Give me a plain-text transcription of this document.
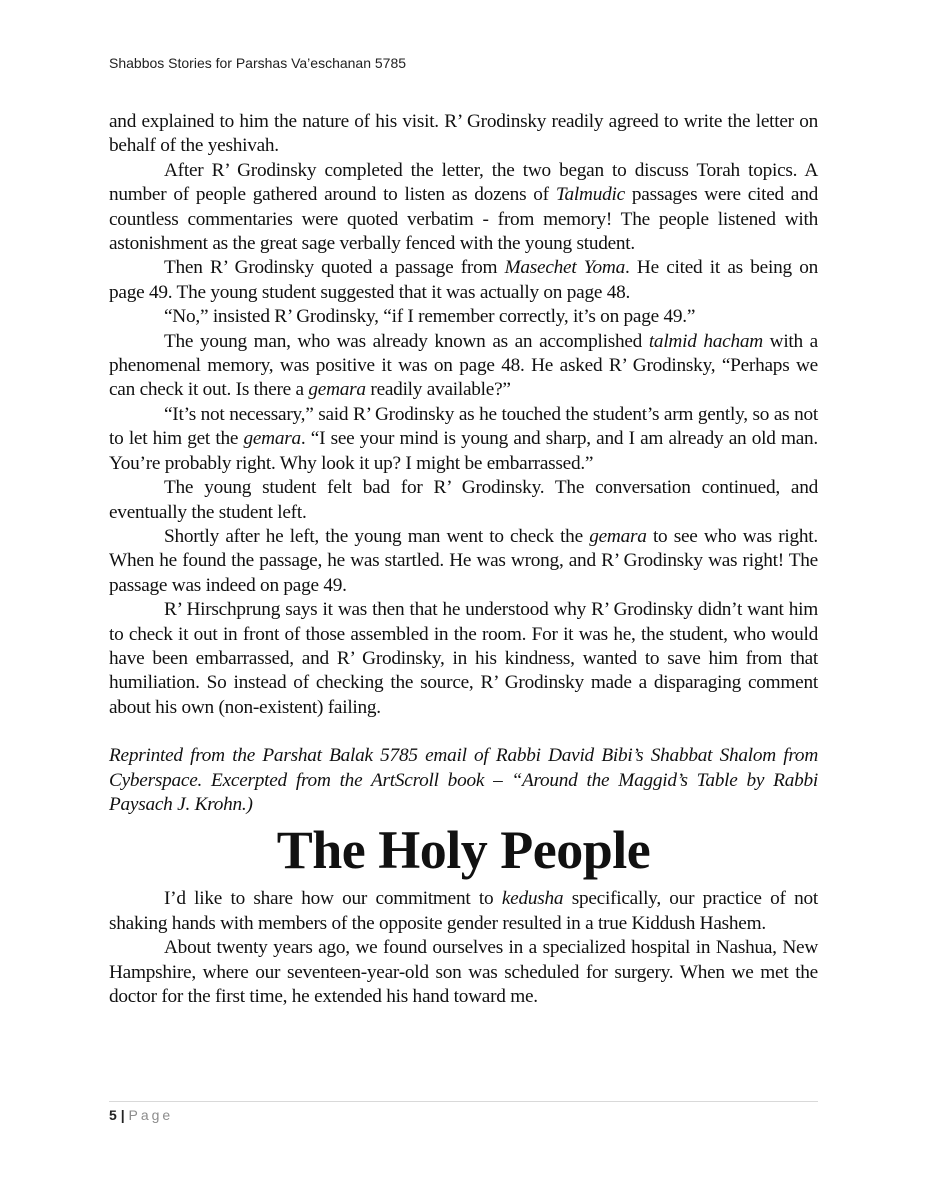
Shabbos Stories for Parshas Va’eschanan 5785

and explained to him the nature of his visit. R’ Grodinsky readily agreed to write the letter on behalf of the yeshivah.

After R’ Grodinsky completed the letter, the two began to discuss Torah topics. A number of people gathered around to listen as dozens of Talmudic passages were cited and countless commentaries were quoted verbatim - from memory! The people listened with astonishment as the great sage verbally fenced with the young student.

Then R’ Grodinsky quoted a passage from Masechet Yoma. He cited it as being on page 49. The young student suggested that it was actually on page 48.

“No,” insisted R’ Grodinsky, “if I remember correctly, it’s on page 49.”

The young man, who was already known as an accomplished talmid hacham with a phenomenal memory, was positive it was on page 48. He asked R’ Grodinsky, “Perhaps we can check it out. Is there a gemara readily available?”

“It’s not necessary,” said R’ Grodinsky as he touched the student’s arm gently, so as not to let him get the gemara. “I see your mind is young and sharp, and I am already an old man. You’re probably right. Why look it up? I might be embarrassed.”

The young student felt bad for R’ Grodinsky. The conversation continued, and eventually the student left.

Shortly after he left, the young man went to check the gemara to see who was right. When he found the passage, he was startled. He was wrong, and R’ Grodinsky was right! The passage was indeed on page 49.

R’ Hirschprung says it was then that he understood why R’ Grodinsky didn’t want him to check it out in front of those assembled in the room. For it was he, the student, who would have been embarrassed, and R’ Grodinsky, in his kindness, wanted to save him from that humiliation. So instead of checking the source, R’ Grodinsky made a disparaging comment about his own (non-existent) failing.

Reprinted from the Parshat Balak 5785 email of Rabbi David Bibi’s Shabbat Shalom from Cyberspace. Excerpted from the ArtScroll book – “Around the Maggid’s Table by Rabbi Paysach J. Krohn.)

The Holy People

I’d like to share how our commitment to kedusha specifically, our practice of not shaking hands with members of the opposite gender resulted in a true Kiddush Hashem.

About twenty years ago, we found ourselves in a specialized hospital in Nashua, New Hampshire, where our seventeen-year-old son was scheduled for surgery. When we met the doctor for the first time, he extended his hand toward me.

5 | Page
